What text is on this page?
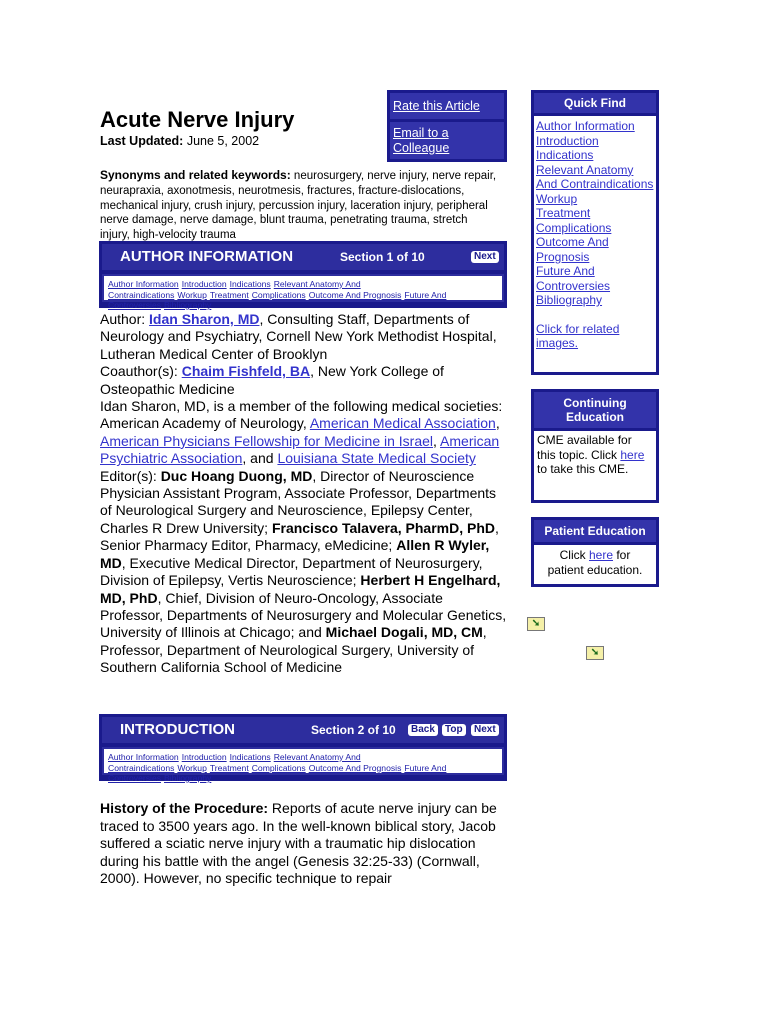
Acute Nerve Injury
Last Updated: June 5, 2002
Rate this Article
Email to a Colleague
Synonyms and related keywords: neurosurgery, nerve injury, nerve repair, neurapraxia, axonotmesis, neurotmesis, fractures, fracture-dislocations, mechanical injury, crush injury, percussion injury, laceration injury, peripheral nerve damage, nerve damage, blunt trauma, penetrating trauma, stretch injury, high-velocity trauma
AUTHOR INFORMATION	Section 1 of 10	Next
Author Information Introduction Indications Relevant Anatomy And Contraindications Workup Treatment Complications Outcome And Prognosis Future And Controversies Bibliography

Author: Idan Sharon, MD, Consulting Staff, Departments of Neurology and Psychiatry, Cornell New York Methodist Hospital, Lutheran Medical Center of Brooklyn

Coauthor(s): Chaim Fishfeld, BA, New York College of Osteopathic Medicine

Idan Sharon, MD, is a member of the following medical societies: American Academy of Neurology, American Medical Association, American Physicians Fellowship for Medicine in Israel, American Psychiatric Association, and Louisiana State Medical Society

Editor(s): Duc Hoang Duong, MD, Director of Neuroscience Physician Assistant Program, Associate Professor, Departments of Neurological Surgery and Neuroscience, Epilepsy Center, Charles R Drew University; Francisco Talavera, PharmD, PhD, Senior Pharmacy Editor, Pharmacy, eMedicine; Allen R Wyler, MD, Executive Medical Director, Department of Neurosurgery, Division of Epilepsy, Vertis Neuroscience; Herbert H Engelhard, MD, PhD, Chief, Division of Neuro-Oncology, Associate Professor, Departments of Neurosurgery and Molecular Genetics, University of Illinois at Chicago; and Michael Dogali, MD, CM, Professor, Department of Neurological Surgery, University of Southern California School of Medicine

INTRODUCTION	Section 2 of 10	Back	Top	Next
Author Information Introduction Indications Relevant Anatomy And Contraindications Workup Treatment Complications Outcome And Prognosis Future And Controversies Bibliography
History of the Procedure: Reports of acute nerve injury can be traced to 3500 years ago. In the well-known biblical story, Jacob suffered a sciatic nerve injury with a traumatic hip dislocation during his battle with the angel (Genesis 32:25-33) (Cornwall, 2000). However, no specific technique to repair
Quick Find
Author Information
Introduction
Indications
Relevant Anatomy And Contraindications
Workup
Treatment
Complications
Outcome And Prognosis
Future And Controversies
Bibliography
Click for related images.
Continuing Education
CME available for this topic. Click here to take this CME.
Patient Education
Click here for patient education.
➘
➘
